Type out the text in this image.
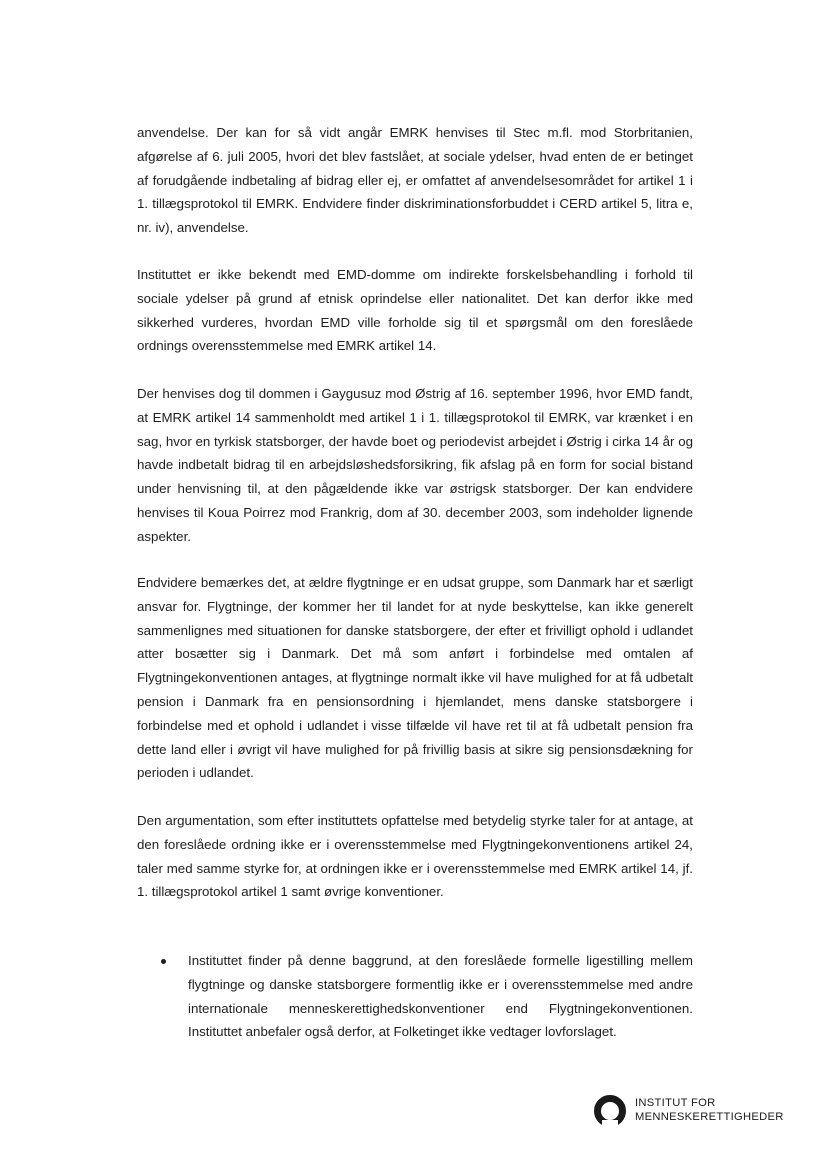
anvendelse. Der kan for så vidt angår EMRK henvises til Stec m.fl. mod Storbritanien, afgørelse af 6. juli 2005, hvori det blev fastslået, at sociale ydelser, hvad enten de er betinget af forudgående indbetaling af bidrag eller ej, er omfattet af anvendelsesområdet for artikel 1 i 1. tillægsprotokol til EMRK. Endvidere finder diskriminationsforbuddet i CERD artikel 5, litra e, nr. iv), anvendelse.

Instituttet er ikke bekendt med EMD-domme om indirekte forskelsbehandling i forhold til sociale ydelser på grund af etnisk oprindelse eller nationalitet. Det kan derfor ikke med sikkerhed vurderes, hvordan EMD ville forholde sig til et spørgsmål om den foreslåede ordnings overensstemmelse med EMRK artikel 14.

Der henvises dog til dommen i Gaygusuz mod Østrig af 16. september 1996, hvor EMD fandt, at EMRK artikel 14 sammenholdt med artikel 1 i 1. tillægsprotokol til EMRK, var krænket i en sag, hvor en tyrkisk statsborger, der havde boet og periodevist arbejdet i Østrig i cirka 14 år og havde indbetalt bidrag til en arbejdsløshedsforsikring, fik afslag på en form for social bistand under henvisning til, at den pågældende ikke var østrigsk statsborger. Der kan endvidere henvises til Koua Poirrez mod Frankrig, dom af 30. december 2003, som indeholder lignende aspekter.

Endvidere bemærkes det, at ældre flygtninge er en udsat gruppe, som Danmark har et særligt ansvar for. Flygtninge, der kommer her til landet for at nyde beskyttelse, kan ikke generelt sammenlignes med situationen for danske statsborgere, der efter et frivilligt ophold i udlandet atter bosætter sig i Danmark. Det må som anført i forbindelse med omtalen af Flygtningekonventionen antages, at flygtninge normalt ikke vil have mulighed for at få udbetalt pension i Danmark fra en pensionsordning i hjemlandet, mens danske statsborgere i forbindelse med et ophold i udlandet i visse tilfælde vil have ret til at få udbetalt pension fra dette land eller i øvrigt vil have mulighed for på frivillig basis at sikre sig pensionsdækning for perioden i udlandet.

Den argumentation, som efter instituttets opfattelse med betydelig styrke taler for at antage, at den foreslåede ordning ikke er i overensstemmelse med Flygtningekonventionens artikel 24, taler med samme styrke for, at ordningen ikke er i overensstemmelse med EMRK artikel 14, jf. 1. tillægsprotokol artikel 1 samt øvrige konventioner.

Instituttet finder på denne baggrund, at den foreslåede formelle ligestilling mellem flygtninge og danske statsborgere formentlig ikke er i overensstemmelse med andre internationale menneskerettighedskonventioner end Flygtningekonventionen. Instituttet anbefaler også derfor, at Folketinget ikke vedtager lovforslaget.
INSTITUT FOR
MENNESKERETTIGHEDER
